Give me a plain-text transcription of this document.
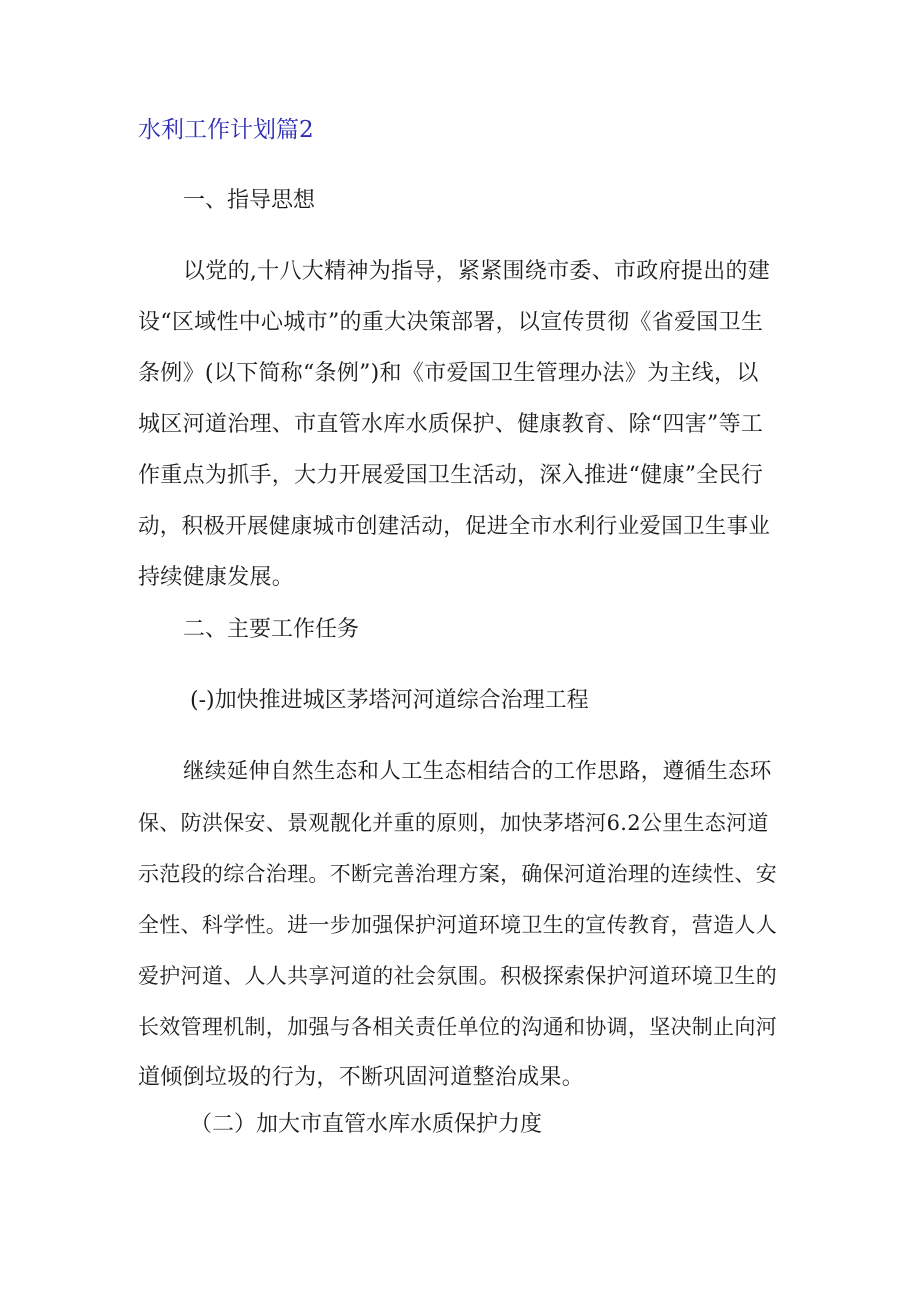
水利工作计划篇2
一、指导思想
以党的,十八大精神为指导，紧紧围绕市委、市政府提出的建
设“区域性中心城市”的重大决策部署，以宣传贯彻《省爱国卫生
条例》(以下简称“条例”)和《市爱国卫生管理办法》为主线，以
城区河道治理、市直管水库水质保护、健康教育、除“四害”等工
作重点为抓手，大力开展爱国卫生活动，深入推进“健康”全民行
动，积极开展健康城市创建活动，促进全市水利行业爱国卫生事业
持续健康发展。
二、主要工作任务
(-)加快推进城区茅塔河河道综合治理工程
继续延伸自然生态和人工生态相结合的工作思路，遵循生态环
保、防洪保安、景观靓化并重的原则，加快茅塔河6.2公里生态河道
示范段的综合治理。不断完善治理方案，确保河道治理的连续性、安
全性、科学性。进一步加强保护河道环境卫生的宣传教育，营造人人
爱护河道、人人共享河道的社会氛围。积极探索保护河道环境卫生的
长效管理机制，加强与各相关责任单位的沟通和协调，坚决制止向河
道倾倒垃圾的行为，不断巩固河道整治成果。
（二）加大市直管水库水质保护力度
